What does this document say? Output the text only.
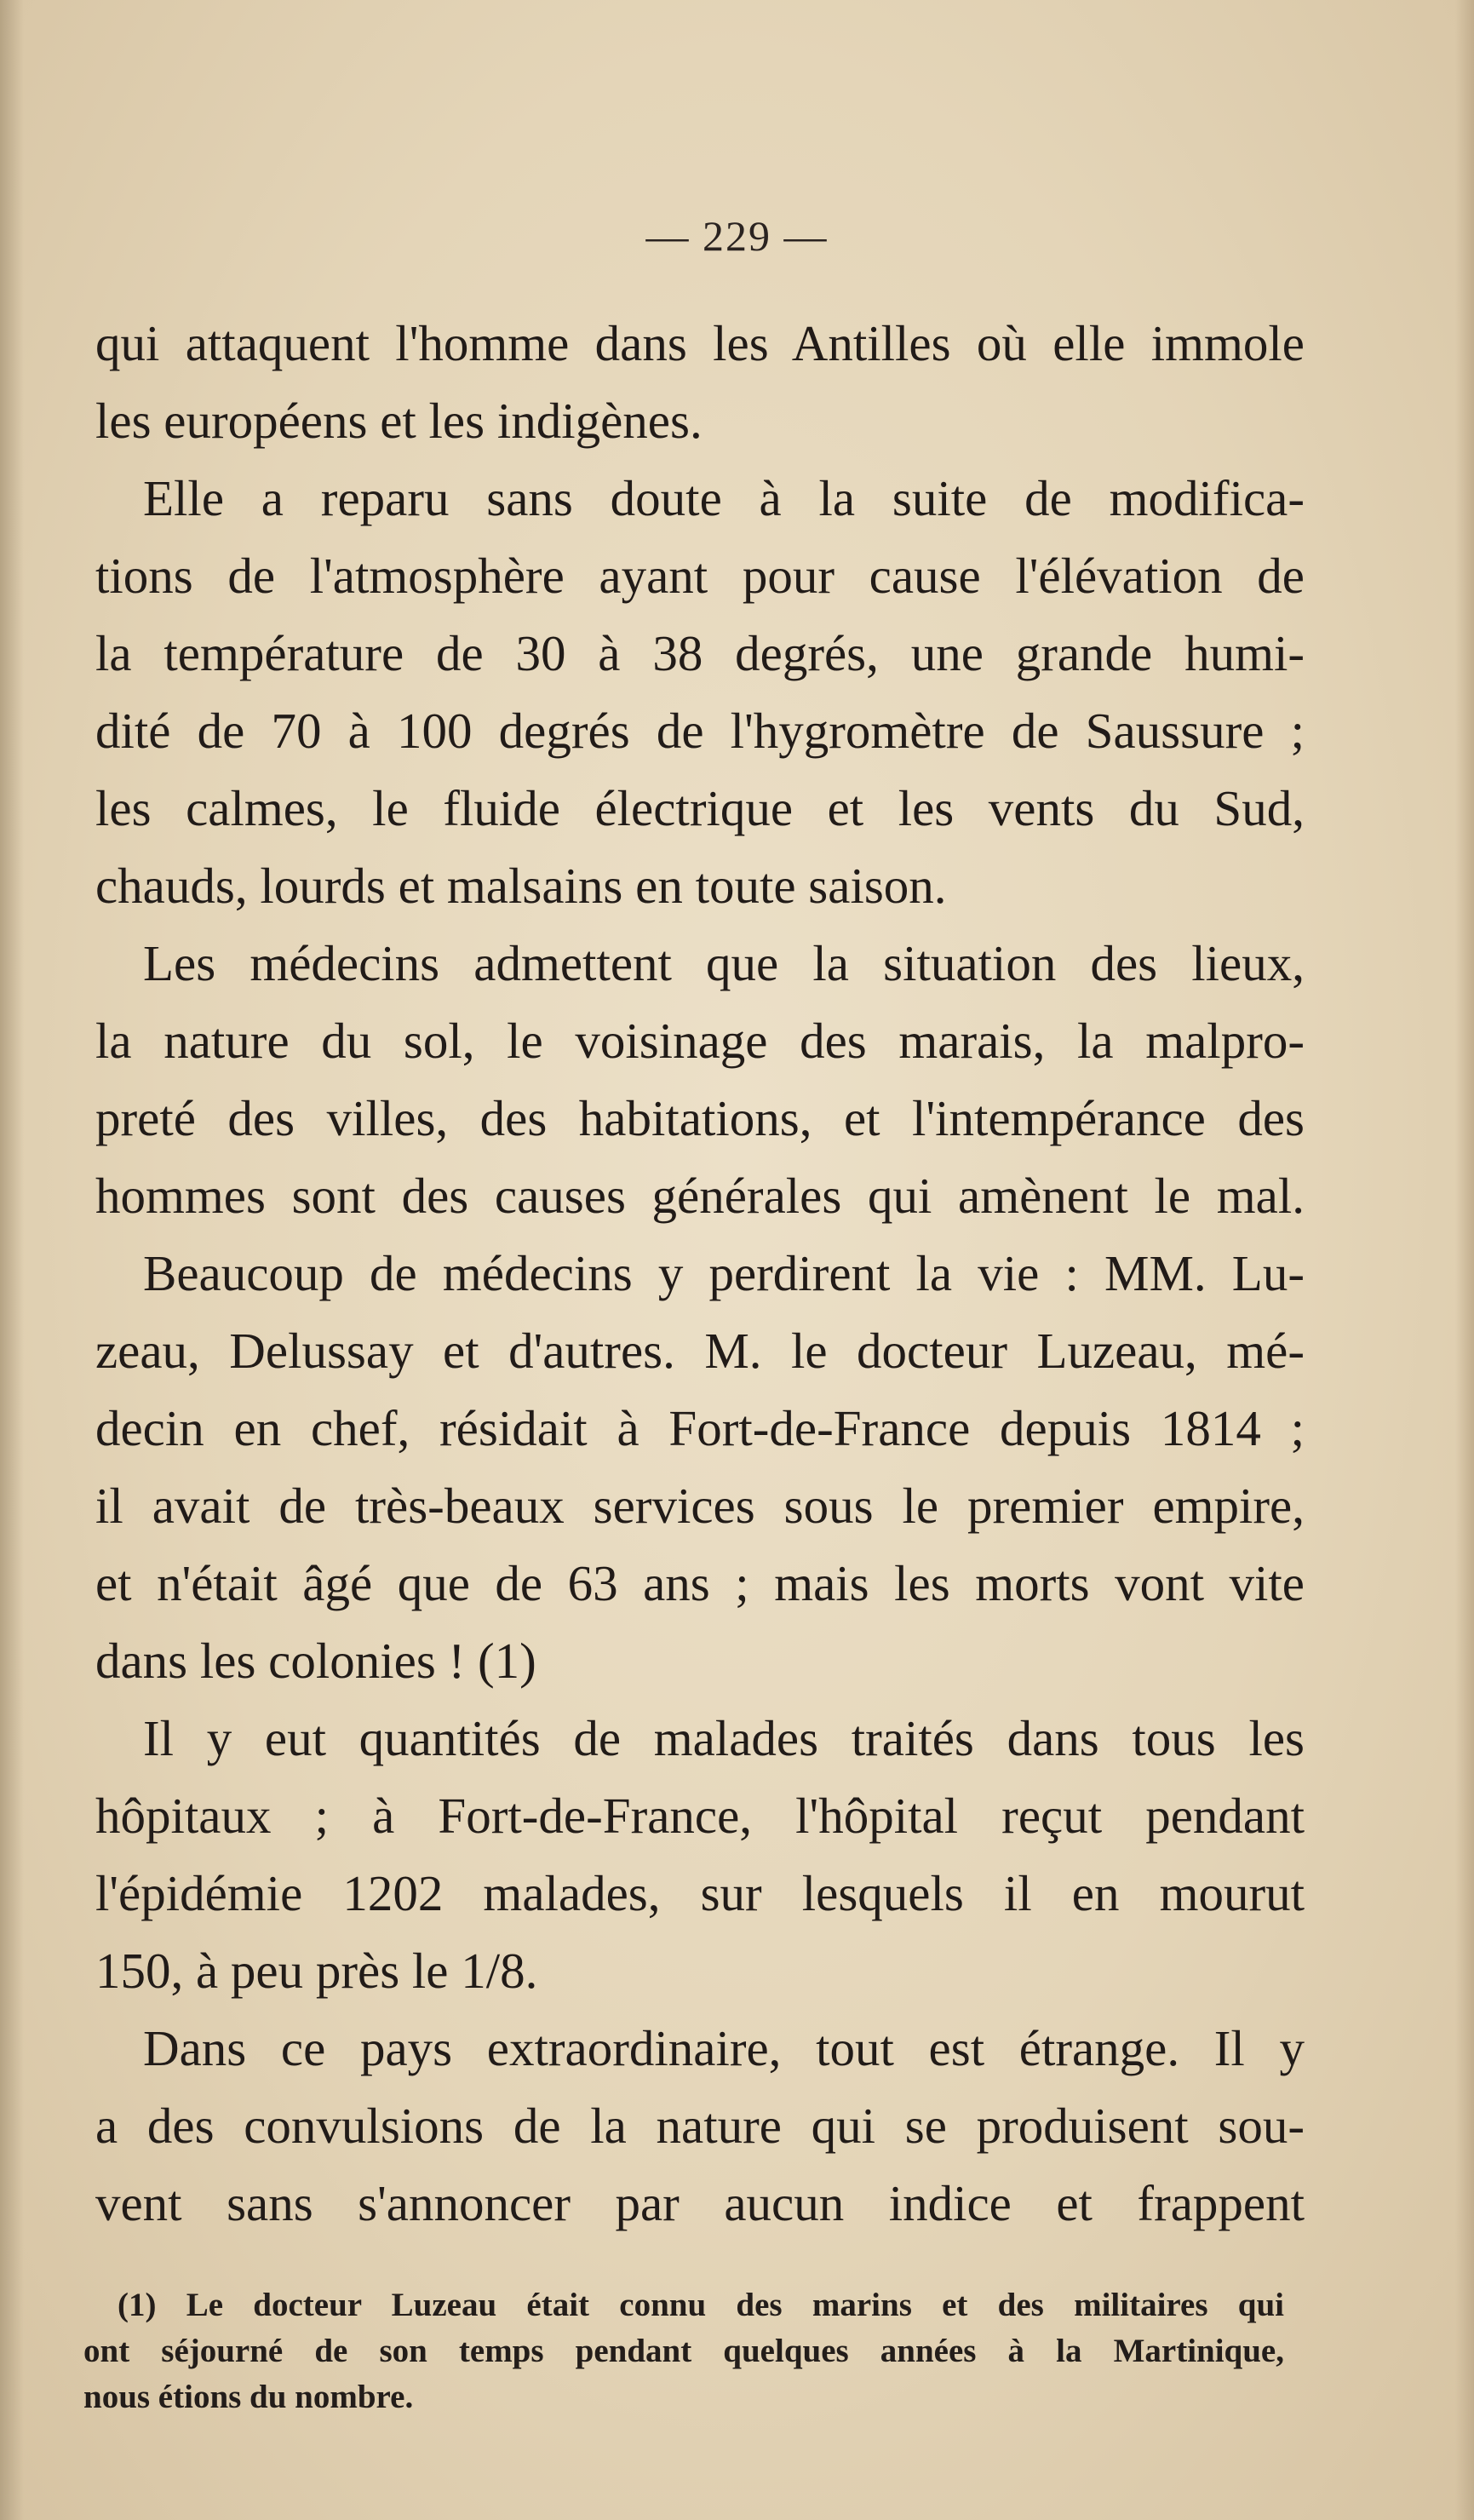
— 229 —
qui attaquent l'homme dans les Antilles où elle immole
les européens et les indigènes.
Elle a reparu sans doute à la suite de modifica-
tions de l'atmosphère ayant pour cause l'élévation de
la température de 30 à 38 degrés, une grande humi-
dité de 70 à 100 degrés de l'hygromètre de Saussure ;
les calmes, le fluide électrique et les vents du Sud,
chauds, lourds et malsains en toute saison.
Les médecins admettent que la situation des lieux,
la nature du sol, le voisinage des marais, la malpro-
preté des villes, des habitations, et l'intempérance des
hommes sont des causes générales qui amènent le mal.
Beaucoup de médecins y perdirent la vie : MM. Lu-
zeau, Delussay et d'autres. M. le docteur Luzeau, mé-
decin en chef, résidait à Fort-de-France depuis 1814 ;
il avait de très-beaux services sous le premier empire,
et n'était âgé que de 63 ans ; mais les morts vont vite
dans les colonies ! (1)
Il y eut quantités de malades traités dans tous les
hôpitaux ; à Fort-de-France, l'hôpital reçut pendant
l'épidémie 1202 malades, sur lesquels il en mourut
150, à peu près le 1/8.
Dans ce pays extraordinaire, tout est étrange. Il y
a des convulsions de la nature qui se produisent sou-
vent sans s'annoncer par aucun indice et frappent
(1) Le docteur Luzeau était connu des marins et des militaires qui
ont séjourné de son temps pendant quelques années à la Martinique,
nous étions du nombre.
